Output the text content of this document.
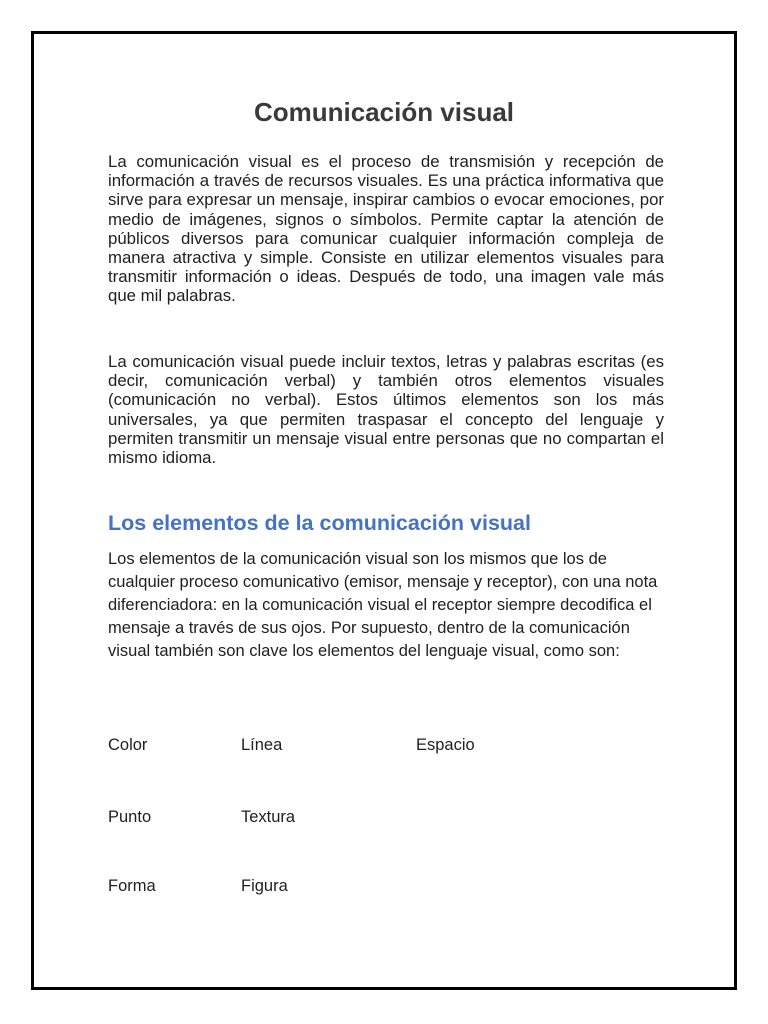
Comunicación visual

La comunicación visual es el proceso de transmisión y recepción de información a través de recursos visuales. Es una práctica informativa que sirve para expresar un mensaje, inspirar cambios o evocar emociones, por medio de imágenes, signos o símbolos. Permite captar la atención de públicos diversos para comunicar cualquier información compleja de manera atractiva y simple. Consiste en utilizar elementos visuales para transmitir información o ideas. Después de todo, una imagen vale más que mil palabras.

La comunicación visual puede incluir textos, letras y palabras escritas (es decir, comunicación verbal) y también otros elementos visuales (comunicación no verbal). Estos últimos elementos son los más universales, ya que permiten traspasar el concepto del lenguaje y permiten transmitir un mensaje visual entre personas que no compartan el mismo idioma.

Los elementos de la comunicación visual

Los elementos de la comunicación visual son los mismos que los de cualquier proceso comunicativo (emisor, mensaje y receptor), con una nota diferenciadora: en la comunicación visual el receptor siempre decodifica el mensaje a través de sus ojos. Por supuesto, dentro de la comunicación visual también son clave los elementos del lenguaje visual, como son:

Color	Línea	Espacio
Punto	Textura
Forma	Figura
